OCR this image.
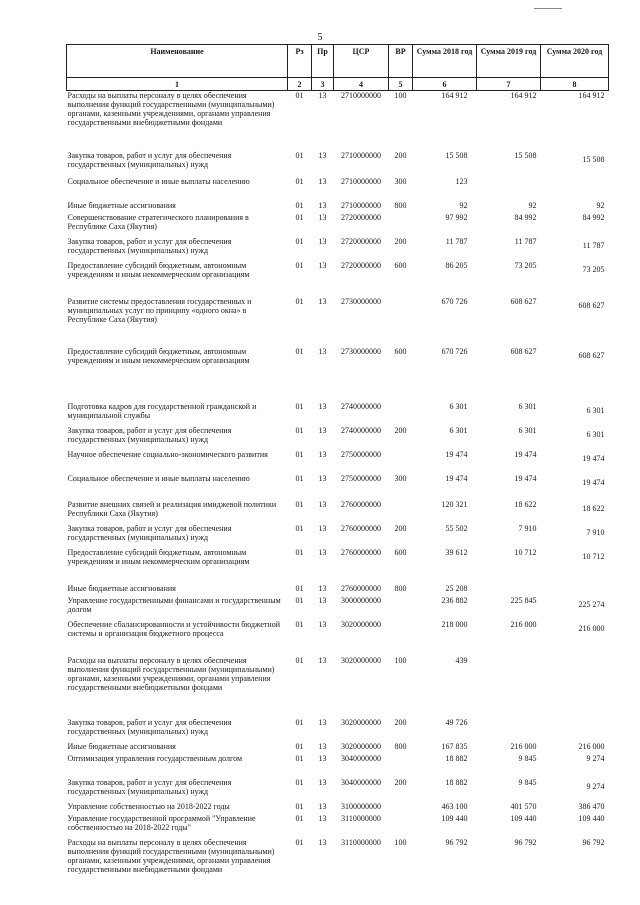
5
Наименование	Рз	Пр	ЦСР	ВР	Сумма 2018 год	Сумма 2019 год	Сумма 2020 год
1	2	3	4	5	6	7	8
Расходы на выплаты персоналу в целях обеспечения выполнения функций государственными (муниципальными) органами, казенными учреждениями, органами управления государственными внебюджетными фондами	01	13	2710000000	100	164 912	164 912	164 912
Закупка товаров, работ и услуг для обеспечения государственных (муниципальных) нужд	01	13	2710000000	200	15 508	15 508	15 508
Социальное обеспечение и иные выплаты населению	01	13	2710000000	300	123		
Иные бюджетные ассигнования	01	13	2710000000	800	92	92	92
Совершенствование стратегического планирования в Республике Саха (Якутия)	01	13	2720000000		97 992	84 992	84 992
Закупка товаров, работ и услуг для обеспечения государственных (муниципальных) нужд	01	13	2720000000	200	11 787	11 787	11 787
Предоставление субсидий бюджетным, автономным учреждениям и иным некоммерческим организациям	01	13	2720000000	600	86 205	73 205	73 205
Развитие системы предоставления государственных и муниципальных услуг по принципу «одного окна» в Республике Саха (Якутия)	01	13	2730000000		670 726	608 627	608 627
Предоставление субсидий бюджетным, автономным учреждениям и иным некоммерческим организациям	01	13	2730000000	600	670 726	608 627	608 627
Подготовка кадров для государственной гражданской и муниципальной службы	01	13	2740000000		6 301	6 301	6 301
Закупка товаров, работ и услуг для обеспечения государственных (муниципальных) нужд	01	13	2740000000	200	6 301	6 301	6 301
Научное обеспечение социально-экономического развития	01	13	2750000000		19 474	19 474	19 474
Социальное обеспечение и иные выплаты населению	01	13	2750000000	300	19 474	19 474	19 474
Развитие внешних связей и реализация имиджевой политики Республики Саха (Якутия)	01	13	2760000000		120 321	18 622	18 622
Закупка товаров, работ и услуг для обеспечения государственных (муниципальных) нужд	01	13	2760000000	200	55 502	7 910	7 910
Предоставление субсидий бюджетным, автономным учреждениям и иным некоммерческим организациям	01	13	2760000000	600	39 612	10 712	10 712
Иные бюджетные ассигнования	01	13	2760000000	800	25 208		
Управление государственными финансами и государственным долгом	01	13	3000000000		236 882	225 845	225 274
Обеспечение сбалансированности и устойчивости бюджетной системы и организация бюджетного процесса	01	13	3020000000		218 000	216 000	216 000
Расходы на выплаты персоналу в целях обеспечения выполнения функций государственными (муниципальными) органами, казенными учреждениями, органами управления государственными внебюджетными фондами	01	13	3020000000	100	439		
Закупка товаров, работ и услуг для обеспечения государственных (муниципальных) нужд	01	13	3020000000	200	49 726		
Иные бюджетные ассигнования	01	13	3020000000	800	167 835	216 000	216 000
Оптимизация управления государственным долгом	01	13	3040000000		18 882	9 845	9 274
Закупка товаров, работ и услуг для обеспечения государственных (муниципальных) нужд	01	13	3040000000	200	18 882	9 845	9 274
Управление собственностью на 2018-2022 годы	01	13	3100000000		463 100	401 570	386 470
Управление государственной программой "Управление собственностью на 2018-2022 годы"	01	13	3110000000		109 440	109 440	109 440
Расходы на выплаты персоналу в целях обеспечения выполнения функций государственными (муниципальными) органами, казенными учреждениями, органами управления государственными внебюджетными фондами	01	13	3110000000	100	96 792	96 792	96 792
